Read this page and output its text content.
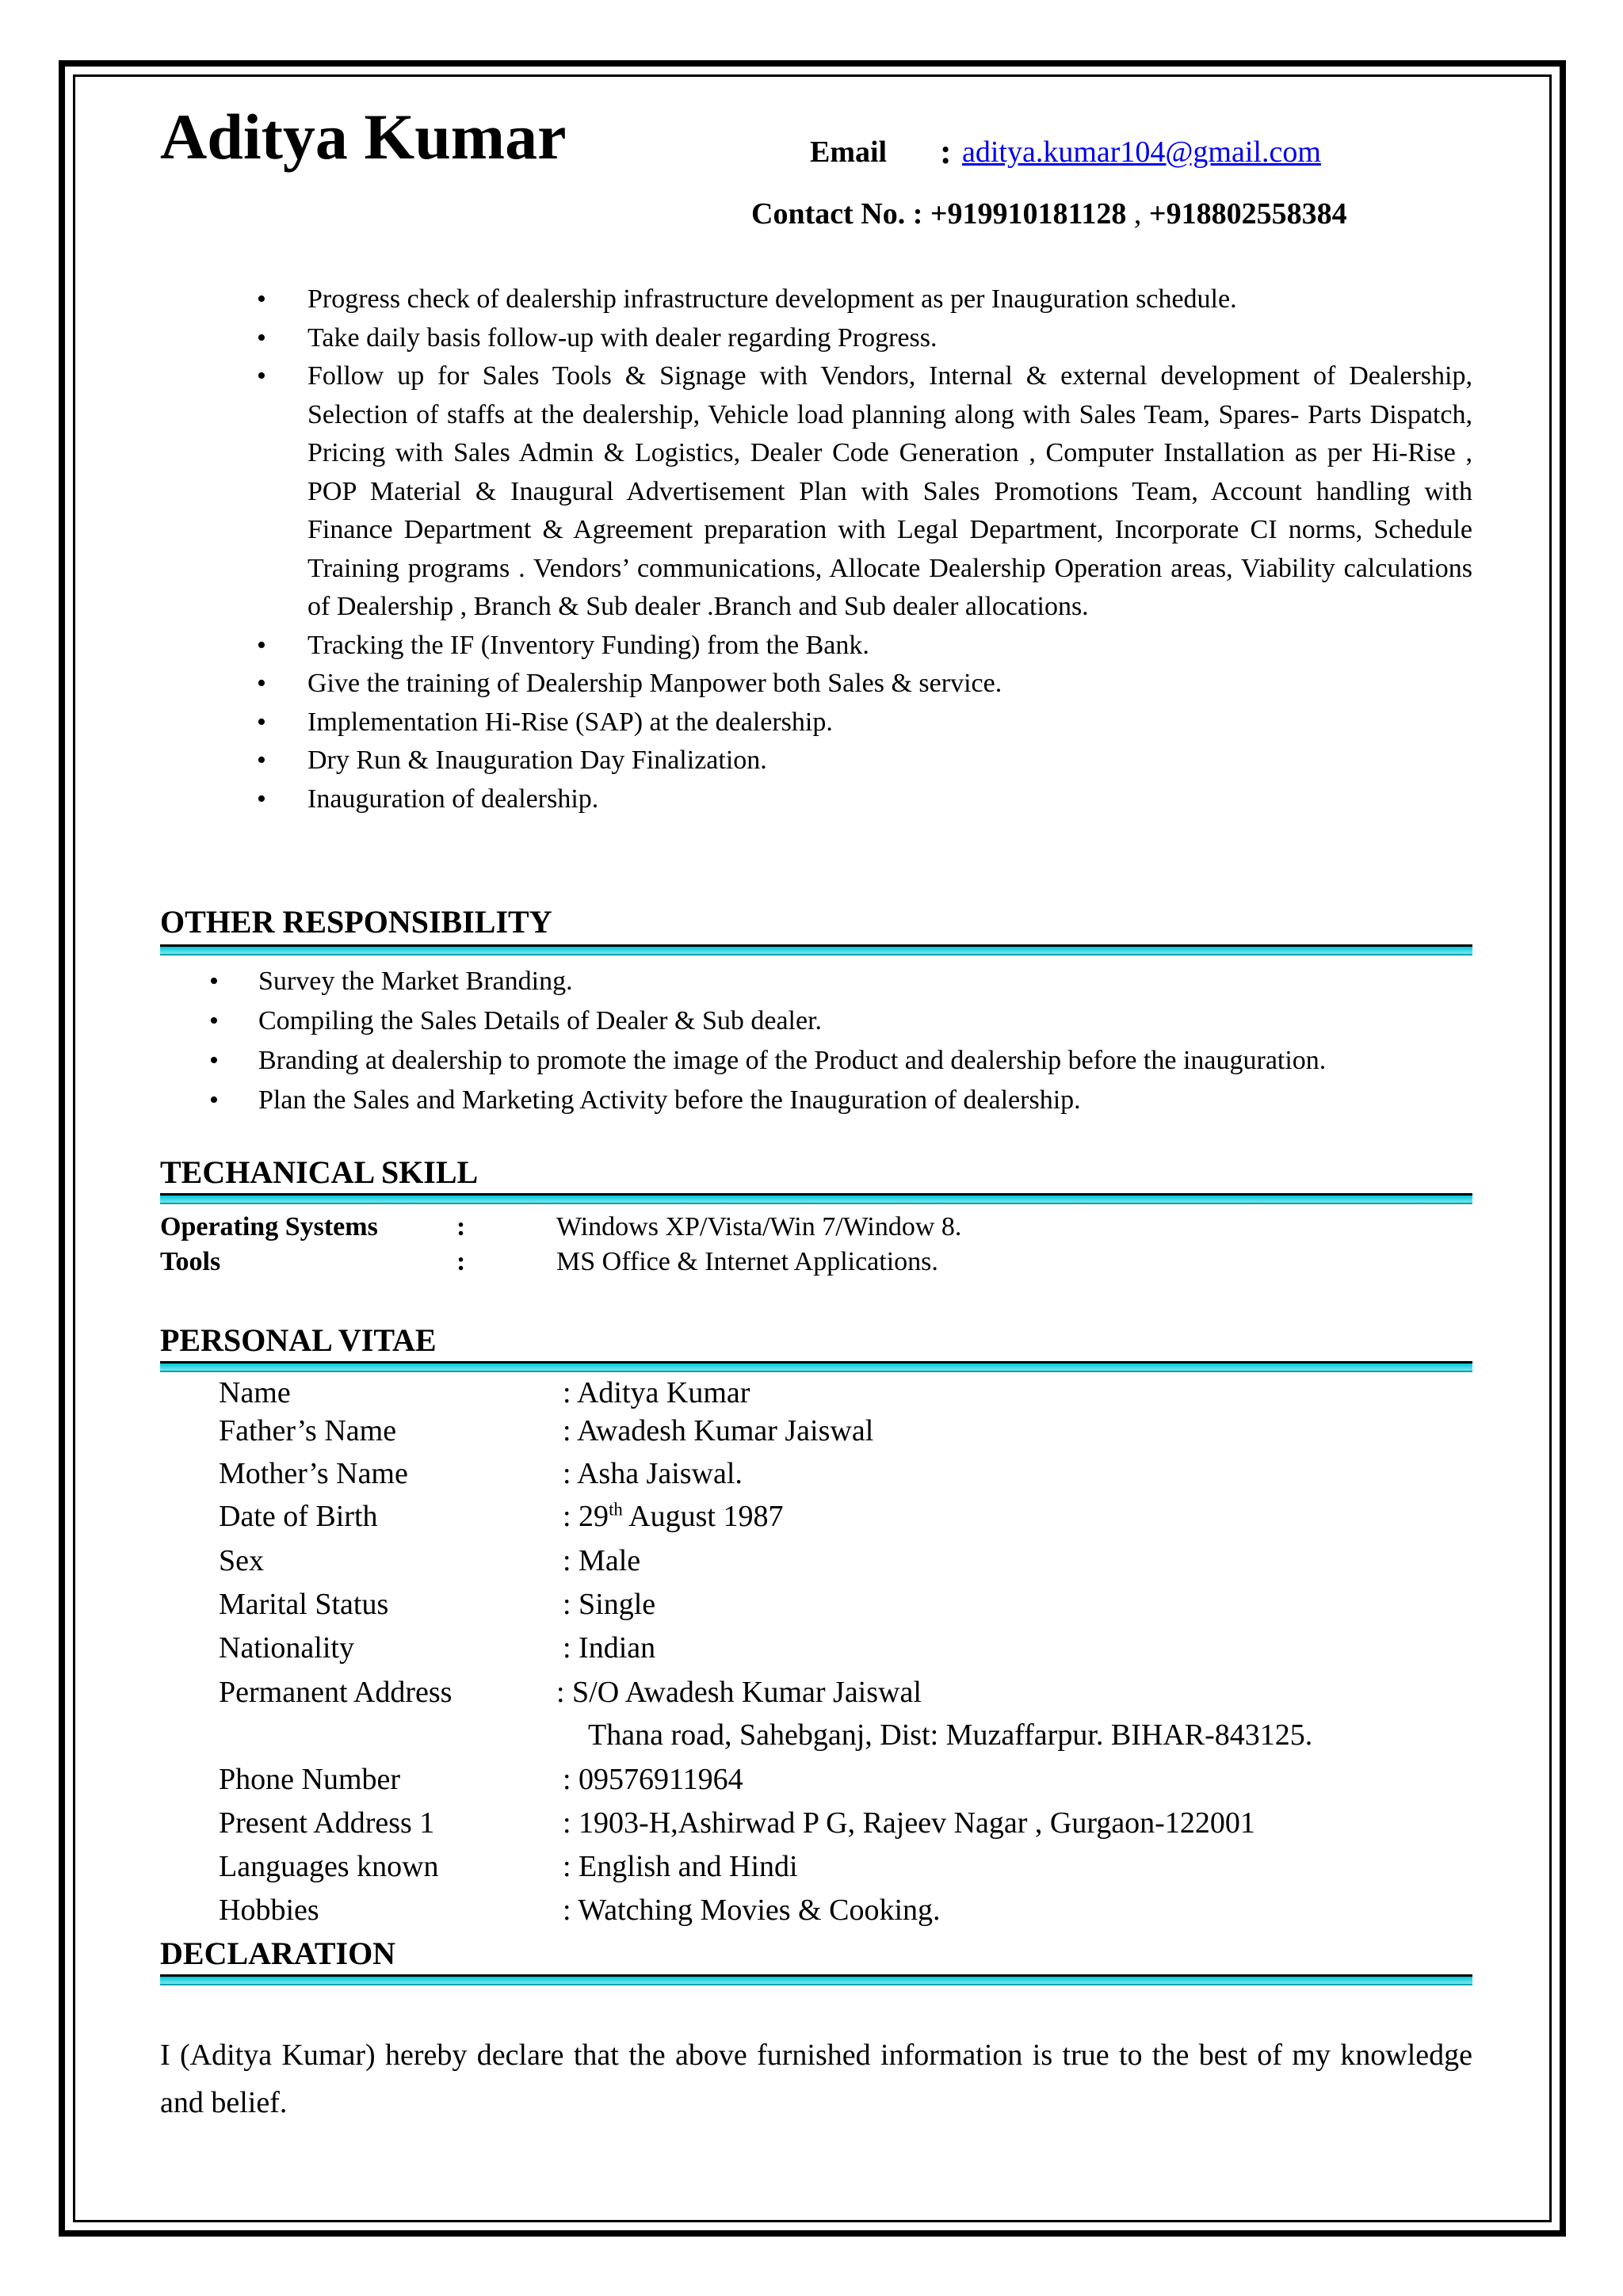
Aditya Kumar	Email : aditya.kumar104@gmail.com
Contact No. : +919910181128 , +918802558384
• Progress check of dealership infrastructure development as per Inauguration schedule.
• Take daily basis follow-up with dealer regarding Progress.
• Follow up for Sales Tools & Signage with Vendors, Internal & external development of Dealership, Selection of staffs at the dealership, Vehicle load planning along with Sales Team, Spares- Parts Dispatch, Pricing with Sales Admin & Logistics, Dealer Code Generation , Computer Installation as per Hi-Rise , POP Material & Inaugural Advertisement Plan with Sales Promotions Team, Account handling with Finance Department & Agreement preparation with Legal Department, Incorporate CI norms, Schedule Training programs . Vendors’ communications, Allocate Dealership Operation areas, Viability calculations of Dealership , Branch & Sub dealer .Branch and Sub dealer allocations.
• Tracking the IF (Inventory Funding) from the Bank.
• Give the training of Dealership Manpower both Sales & service.
• Implementation Hi-Rise (SAP) at the dealership.
• Dry Run & Inauguration Day Finalization.
• Inauguration of dealership.
OTHER RESPONSIBILITY
• Survey the Market Branding.
• Compiling the Sales Details of Dealer & Sub dealer.
• Branding at dealership to promote the image of the Product and dealership before the inauguration.
• Plan the Sales and Marketing Activity before the Inauguration of dealership.
TECHANICAL SKILL
Operating Systems	:	Windows XP/Vista/Win 7/Window 8.
Tools	:	MS Office & Internet Applications.
PERSONAL VITAE
Name	: Aditya Kumar
Father’s Name	: Awadesh Kumar Jaiswal
Mother’s Name	: Asha Jaiswal.
Date of Birth	: 29th August 1987
Sex	: Male
Marital Status	: Single
Nationality	: Indian
Permanent Address	: S/O Awadesh Kumar Jaiswal
Thana road, Sahebganj, Dist: Muzaffarpur. BIHAR-843125.
Phone Number	: 09576911964
Present Address 1	: 1903-H,Ashirwad P G, Rajeev Nagar , Gurgaon-122001
Languages known	: English and Hindi
Hobbies	: Watching Movies & Cooking.
DECLARATION
I (Aditya Kumar) hereby declare that the above furnished information is true to the best of my knowledge and belief.
